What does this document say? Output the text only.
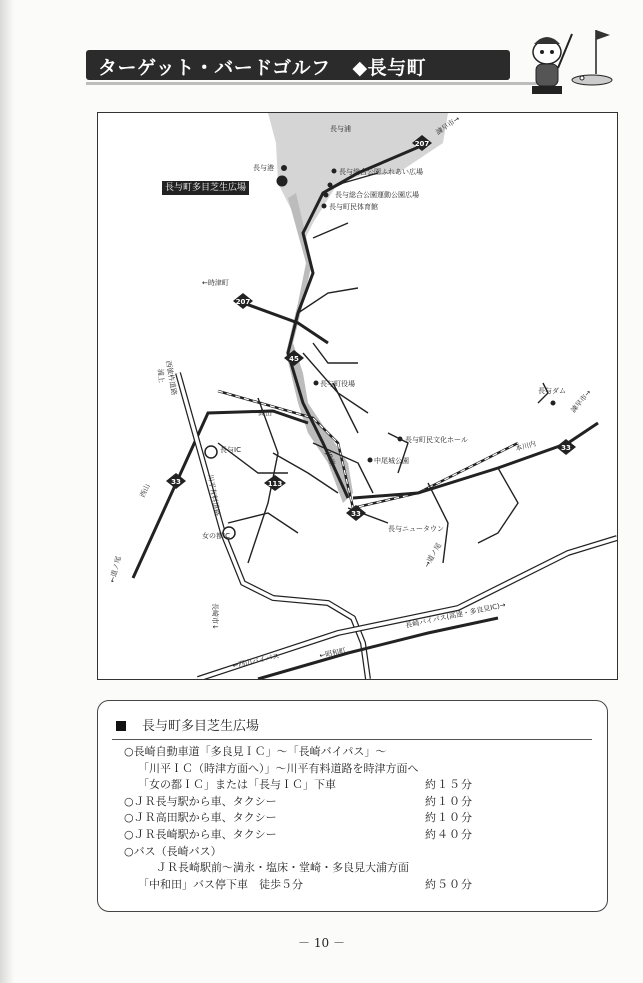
ターゲット・バードゴルフ ◆長与町
207
207
45
33
33
33
113
長与浦
長与港	長与総合公園ふれあい広場
長与総合公園運動公園広場
長与町民体育館
←時津町
諫早市→
西彼杵道路	長与町役場
長与ダム 諫早市→
高田
長与IC
長与町民文化ホール	本川内
中尾城公園
川平有料道路
JR線
長与ニュータウン
女の都IC
西山
→道ノ尾
長崎市↓	長崎バイパス(高速・多良見IC)→
←西山バイパス	←昭和町
浦上
←道ノ尾
長与町多目芝生広場
長与町多目芝生広場
○長崎自動車道「多良見ＩＣ」～「長崎バイパス」～
「川平ＩＣ（時津方面へ）」～川平有料道路を時津方面へ
「女の都ＩＣ」または「長与ＩＣ」下車	約１５分
○ＪＲ長与駅から車、タクシー	約１０分
○ＪＲ高田駅から車、タクシー	約１０分
○ＪＲ長崎駅から車、タクシー	約４０分
○バス（長崎バス）
ＪＲ長崎駅前～満永・塩床・堂崎・多良見大浦方面
「中和田」バス停下車　徒歩５分	約５０分
－ 10 －
